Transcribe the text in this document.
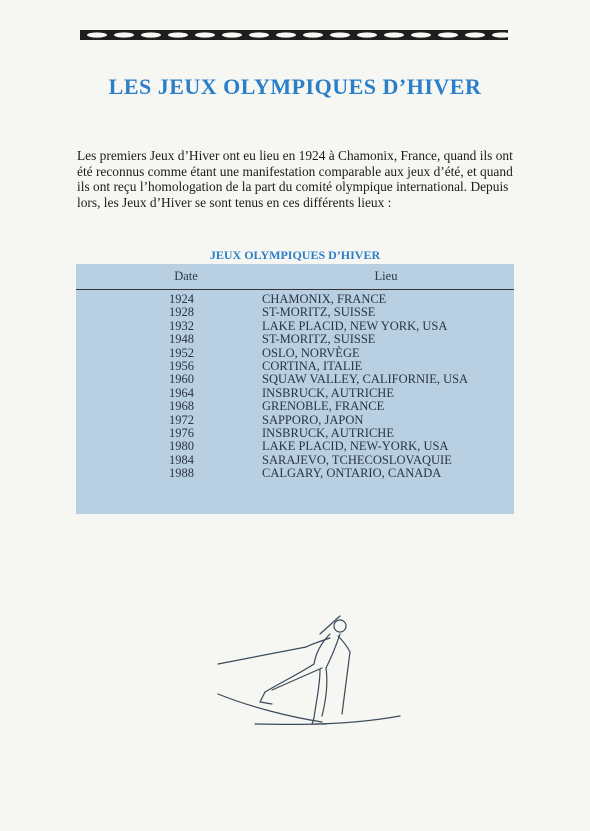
LES JEUX OLYMPIQUES D’HIVER
Les premiers Jeux d’Hiver ont eu lieu en 1924 à Chamonix, France, quand ils ont été reconnus comme étant une manifestation comparable aux jeux d’été, et quand ils ont reçu l’homologation de la part du comité olympique international. Depuis lors, les Jeux d’Hiver se sont tenus en ces différents lieux :
JEUX OLYMPIQUES D’HIVER
Date	Lieu
1924	CHAMONIX, FRANCE
1928	ST-MORITZ, SUISSE
1932	LAKE PLACID, NEW YORK, USA
1948	ST-MORITZ, SUISSE
1952	OSLO, NORVÈGE
1956	CORTINA, ITALIE
1960	SQUAW VALLEY, CALIFORNIE, USA
1964	INSBRUCK, AUTRICHE
1968	GRENOBLE, FRANCE
1972	SAPPORO, JAPON
1976	INSBRUCK, AUTRICHE
1980	LAKE PLACID, NEW-YORK, USA
1984	SARAJEVO, TCHECOSLOVAQUIE
1988	CALGARY, ONTARIO, CANADA
